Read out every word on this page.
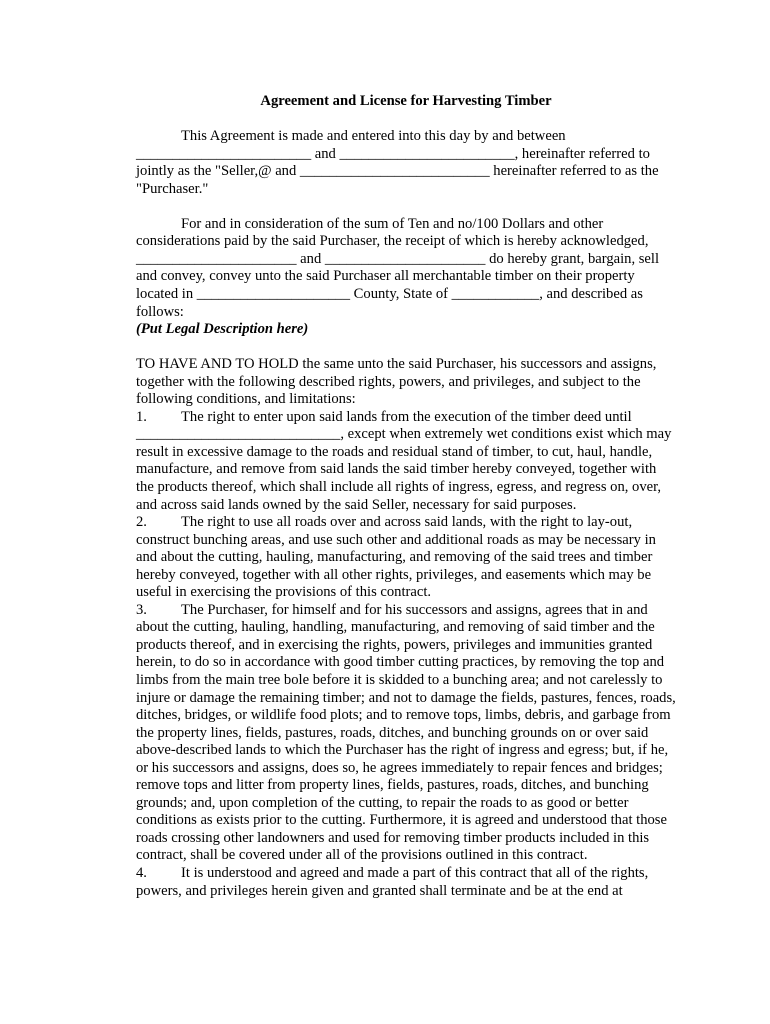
Agreement and License for Harvesting Timber

This Agreement is made and entered into this day by and between ________________________ and ________________________, hereinafter referred to jointly as the "Seller,@ and __________________________ hereinafter referred to as the "Purchaser."

For and in consideration of the sum of Ten and no/100 Dollars and other considerations paid by the said Purchaser, the receipt of which is hereby acknowledged, ______________________ and ______________________ do hereby grant, bargain, sell and convey, convey unto the said Purchaser all merchantable timber on their property located in _____________________ County, State of ____________, and described as follows:

(Put Legal Description here)

TO HAVE AND TO HOLD the same unto the said Purchaser, his successors and assigns, together with the following described rights, powers, and privileges, and subject to the following conditions, and limitations:

1. The right to enter upon said lands from the execution of the timber deed until ____________________________, except when extremely wet conditions exist which may result in excessive damage to the roads and residual stand of timber, to cut, haul, handle, manufacture, and remove from said lands the said timber hereby conveyed, together with the products thereof, which shall include all rights of ingress, egress, and regress on, over, and across said lands owned by the said Seller, necessary for said purposes.

2. The right to use all roads over and across said lands, with the right to lay-out, construct bunching areas, and use such other and additional roads as may be necessary in and about the cutting, hauling, manufacturing, and removing of the said trees and timber hereby conveyed, together with all other rights, privileges, and easements which may be useful in exercising the provisions of this contract.

3. The Purchaser, for himself and for his successors and assigns, agrees that in and about the cutting, hauling, handling, manufacturing, and removing of said timber and the products thereof, and in exercising the rights, powers, privileges and immunities granted herein, to do so in accordance with good timber cutting practices, by removing the top and limbs from the main tree bole before it is skidded to a bunching area; and not carelessly to injure or damage the remaining timber; and not to damage the fields, pastures, fences, roads, ditches, bridges, or wildlife food plots; and to remove tops, limbs, debris, and garbage from the property lines, fields, pastures, roads, ditches, and bunching grounds on or over said above-described lands to which the Purchaser has the right of ingress and egress; but, if he, or his successors and assigns, does so, he agrees immediately to repair fences and bridges; remove tops and litter from property lines, fields, pastures, roads, ditches, and bunching grounds; and, upon completion of the cutting, to repair the roads to as good or better conditions as exists prior to the cutting. Furthermore, it is agreed and understood that those roads crossing other landowners and used for removing timber products included in this contract, shall be covered under all of the provisions outlined in this contract.

4. It is understood and agreed and made a part of this contract that all of the rights, powers, and privileges herein given and granted shall terminate and be at the end at
